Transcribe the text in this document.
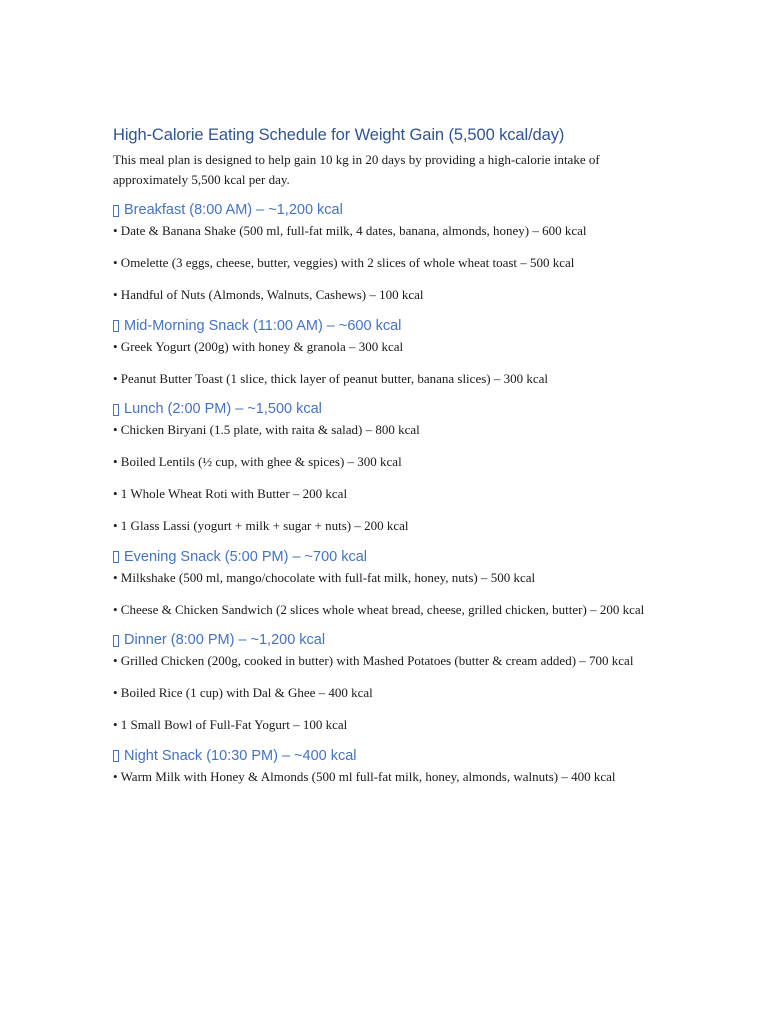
High-Calorie Eating Schedule for Weight Gain (5,500 kcal/day)

This meal plan is designed to help gain 10 kg in 20 days by providing a high-calorie intake of approximately 5,500 kcal per day.

Breakfast (8:00 AM) – ~1,200 kcal

• Date & Banana Shake (500 ml, full-fat milk, 4 dates, banana, almonds, honey) – 600 kcal

• Omelette (3 eggs, cheese, butter, veggies) with 2 slices of whole wheat toast – 500 kcal

• Handful of Nuts (Almonds, Walnuts, Cashews) – 100 kcal

Mid-Morning Snack (11:00 AM) – ~600 kcal

• Greek Yogurt (200g) with honey & granola – 300 kcal

• Peanut Butter Toast (1 slice, thick layer of peanut butter, banana slices) – 300 kcal

Lunch (2:00 PM) – ~1,500 kcal

• Chicken Biryani (1.5 plate, with raita & salad) – 800 kcal

• Boiled Lentils (½ cup, with ghee & spices) – 300 kcal

• 1 Whole Wheat Roti with Butter – 200 kcal

• 1 Glass Lassi (yogurt + milk + sugar + nuts) – 200 kcal

Evening Snack (5:00 PM) – ~700 kcal

• Milkshake (500 ml, mango/chocolate with full-fat milk, honey, nuts) – 500 kcal

• Cheese & Chicken Sandwich (2 slices whole wheat bread, cheese, grilled chicken, butter) – 200 kcal

Dinner (8:00 PM) – ~1,200 kcal

• Grilled Chicken (200g, cooked in butter) with Mashed Potatoes (butter & cream added) – 700 kcal

• Boiled Rice (1 cup) with Dal & Ghee – 400 kcal

• 1 Small Bowl of Full-Fat Yogurt – 100 kcal

Night Snack (10:30 PM) – ~400 kcal

• Warm Milk with Honey & Almonds (500 ml full-fat milk, honey, almonds, walnuts) – 400 kcal
